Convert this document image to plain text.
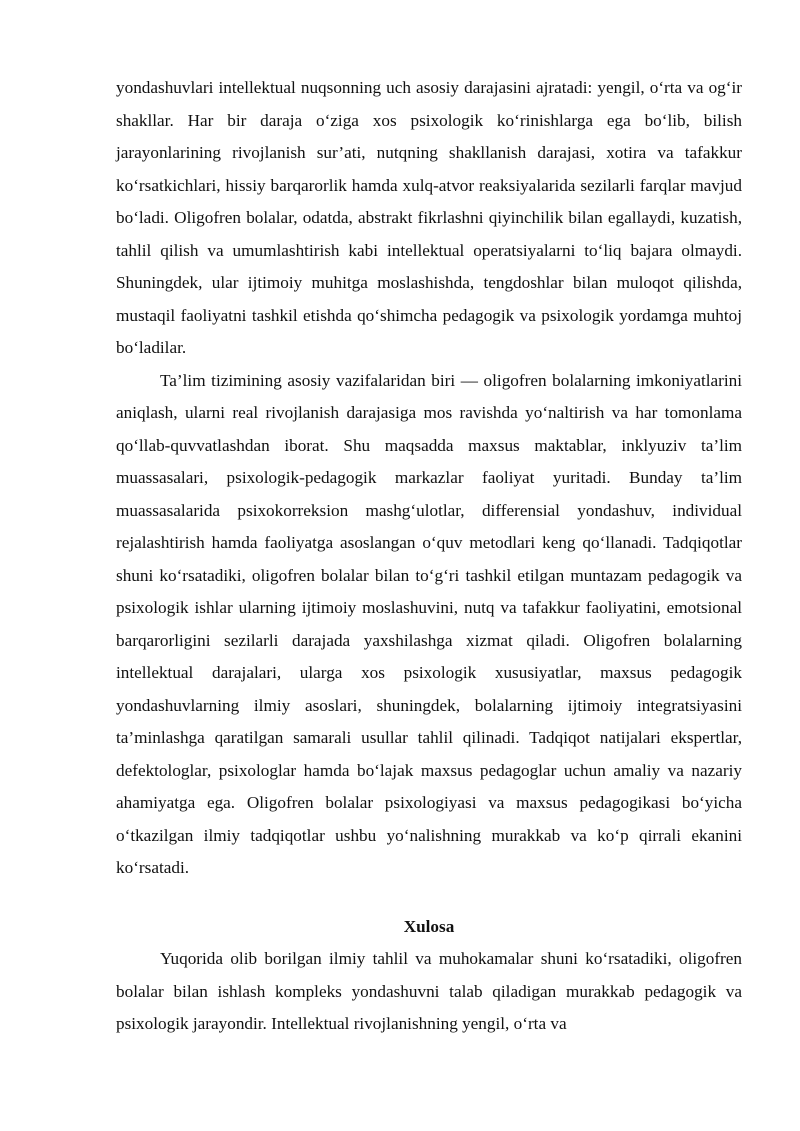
yondashuvlari intellektual nuqsonning uch asosiy darajasini ajratadi: yengil, o‘rta va og‘ir shakllar. Har bir daraja o‘ziga xos psixologik ko‘rinishlarga ega bo‘lib, bilish jarayonlarining rivojlanish sur’ati, nutqning shakllanish darajasi, xotira va tafakkur ko‘rsatkichlari, hissiy barqarorlik hamda xulq-atvor reaksiyalarida sezilarli farqlar mavjud bo‘ladi. Oligofren bolalar, odatda, abstrakt fikrlashni qiyinchilik bilan egallaydi, kuzatish, tahlil qilish va umumlashtirish kabi intellektual operatsiyalarni to‘liq bajara olmaydi. Shuningdek, ular ijtimoiy muhitga moslashishda, tengdoshlar bilan muloqot qilishda, mustaqil faoliyatni tashkil etishda qo‘shimcha pedagogik va psixologik yordamga muhtoj bo‘ladilar.

Ta’lim tizimining asosiy vazifalaridan biri — oligofren bolalarning imkoniyatlarini aniqlash, ularni real rivojlanish darajasiga mos ravishda yo‘naltirish va har tomonlama qo‘llab-quvvatlashdan iborat. Shu maqsadda maxsus maktablar, inklyuziv ta’lim muassasalari, psixologik-pedagogik markazlar faoliyat yuritadi. Bunday ta’lim muassasalarida psixokorreksion mashg‘ulotlar, differensial yondashuv, individual rejalashtirish hamda faoliyatga asoslangan o‘quv metodlari keng qo‘llanadi. Tadqiqotlar shuni ko‘rsatadiki, oligofren bolalar bilan to‘g‘ri tashkil etilgan muntazam pedagogik va psixologik ishlar ularning ijtimoiy moslashuvini, nutq va tafakkur faoliyatini, emotsional barqarorligini sezilarli darajada yaxshilashga xizmat qiladi. Oligofren bolalarning intellektual darajalari, ularga xos psixologik xususiyatlar, maxsus pedagogik yondashuvlarning ilmiy asoslari, shuningdek, bolalarning ijtimoiy integratsiyasini ta’minlashga qaratilgan samarali usullar tahlil qilinadi. Tadqiqot natijalari ekspertlar, defektologlar, psixologlar hamda bo‘lajak maxsus pedagoglar uchun amaliy va nazariy ahamiyatga ega. Oligofren bolalar psixologiyasi va maxsus pedagogikasi bo‘yicha o‘tkazilgan ilmiy tadqiqotlar ushbu yo‘nalishning murakkab va ko‘p qirrali ekanini ko‘rsatadi.

Xulosa

Yuqorida olib borilgan ilmiy tahlil va muhokamalar shuni ko‘rsatadiki, oligofren bolalar bilan ishlash kompleks yondashuvni talab qiladigan murakkab pedagogik va psixologik jarayondir. Intellektual rivojlanishning yengil, o‘rta va
